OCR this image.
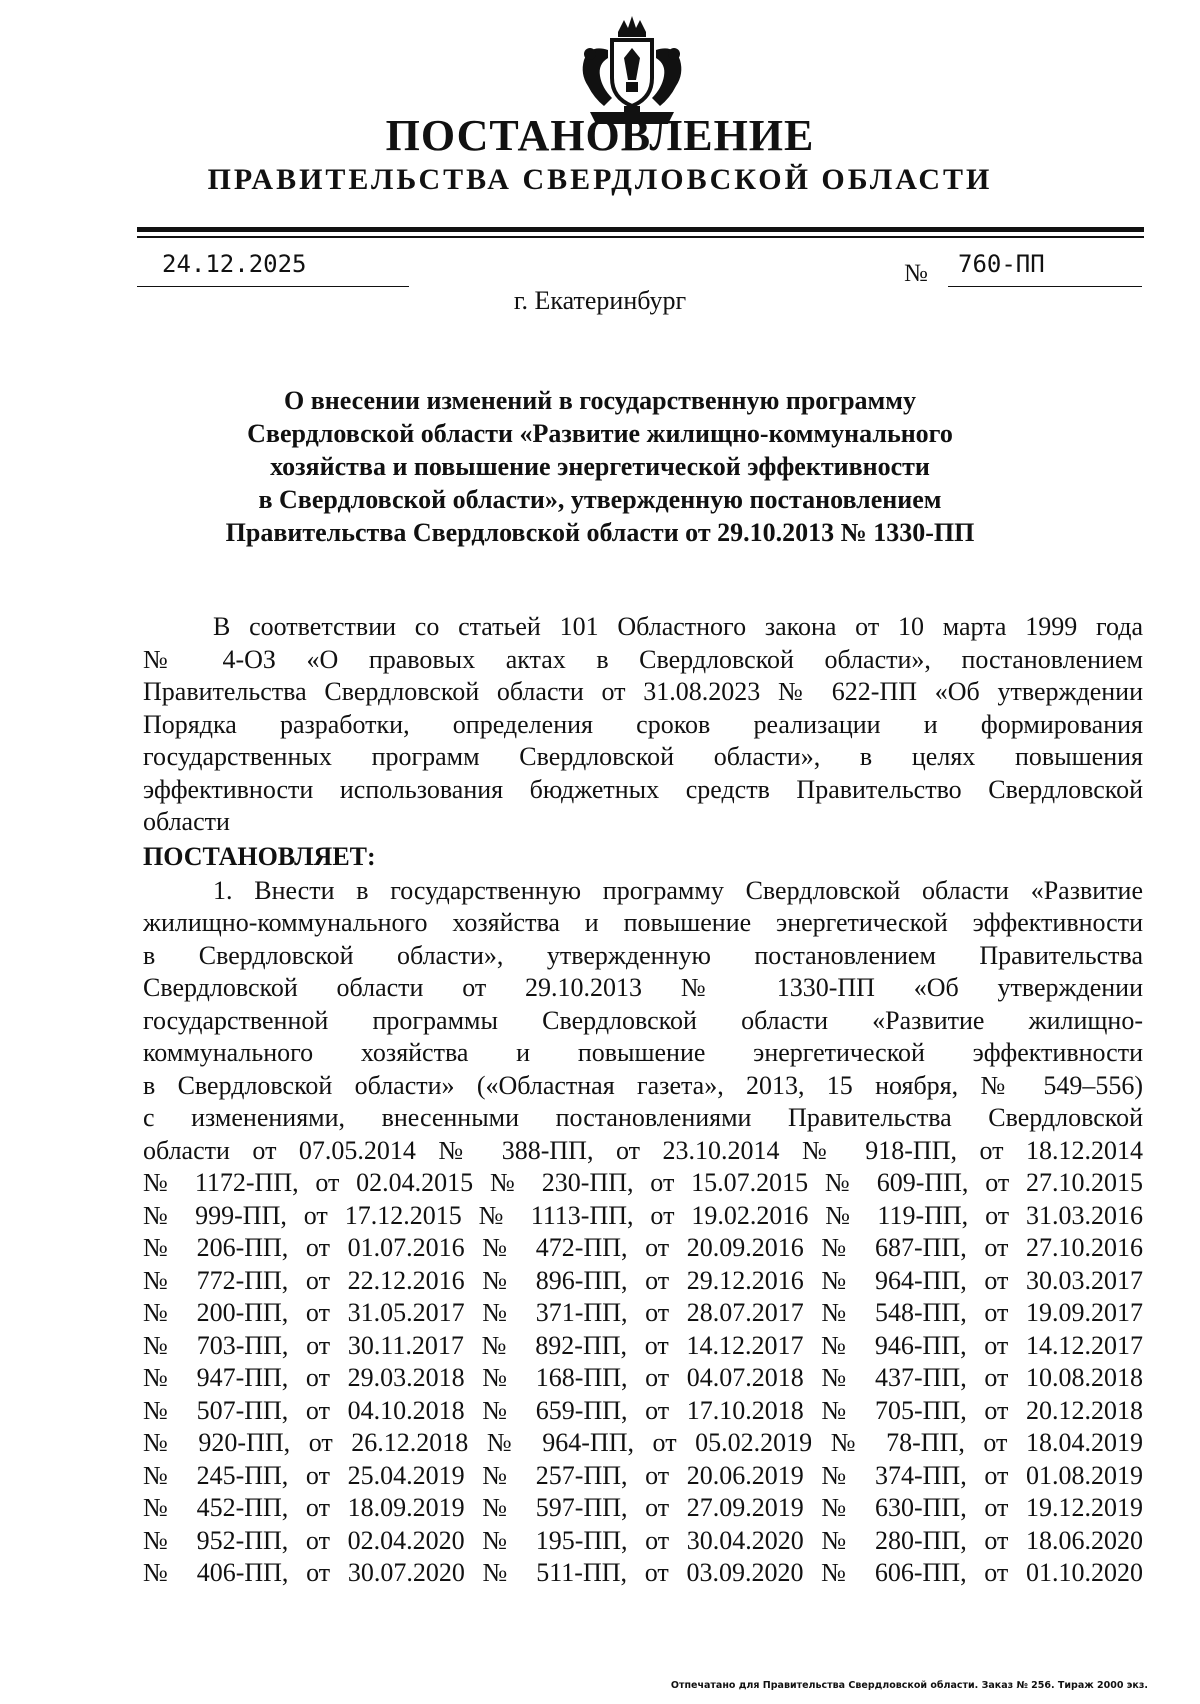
ПОСТАНОВЛЕНИЕ
ПРАВИТЕЛЬСТВА СВЕРДЛОВСКОЙ ОБЛАСТИ
24.12.2025	№ 760-ПП
г. Екатеринбург
О внесении изменений в государственную программу
Свердловской области «Развитие жилищно-коммунального
хозяйства и повышение энергетической эффективности
в Свердловской области», утвержденную постановлением
Правительства Свердловской области от 29.10.2013 № 1330-ПП
В соответствии со статьей 101 Областного закона от 10 марта 1999 года
№ 4-ОЗ «О правовых актах в Свердловской области», постановлением
Правительства Свердловской области от 31.08.2023 № 622-ПП «Об утверждении
Порядка разработки, определения сроков реализации и формирования
государственных программ Свердловской области», в целях повышения
эффективности использования бюджетных средств Правительство Свердловской
области
ПОСТАНОВЛЯЕТ:
1. Внести в государственную программу Свердловской области «Развитие
жилищно-коммунального хозяйства и повышение энергетической эффективности
в Свердловской области», утвержденную постановлением Правительства
Свердловской области от 29.10.2013 № 1330-ПП «Об утверждении
государственной программы Свердловской области «Развитие жилищно-
коммунального хозяйства и повышение энергетической эффективности
в Свердловской области» («Областная газета», 2013, 15 ноября, № 549–556)
с изменениями, внесенными постановлениями Правительства Свердловской
области от 07.05.2014 № 388-ПП, от 23.10.2014 № 918-ПП, от 18.12.2014
№ 1172-ПП, от 02.04.2015 № 230-ПП, от 15.07.2015 № 609-ПП, от 27.10.2015
№ 999-ПП, от 17.12.2015 № 1113-ПП, от 19.02.2016 № 119-ПП, от 31.03.2016
№ 206-ПП, от 01.07.2016 № 472-ПП, от 20.09.2016 № 687-ПП, от 27.10.2016
№ 772-ПП, от 22.12.2016 № 896-ПП, от 29.12.2016 № 964-ПП, от 30.03.2017
№ 200-ПП, от 31.05.2017 № 371-ПП, от 28.07.2017 № 548-ПП, от 19.09.2017
№ 703-ПП, от 30.11.2017 № 892-ПП, от 14.12.2017 № 946-ПП, от 14.12.2017
№ 947-ПП, от 29.03.2018 № 168-ПП, от 04.07.2018 № 437-ПП, от 10.08.2018
№ 507-ПП, от 04.10.2018 № 659-ПП, от 17.10.2018 № 705-ПП, от 20.12.2018
№ 920-ПП, от 26.12.2018 № 964-ПП, от 05.02.2019 № 78-ПП, от 18.04.2019
№ 245-ПП, от 25.04.2019 № 257-ПП, от 20.06.2019 № 374-ПП, от 01.08.2019
№ 452-ПП, от 18.09.2019 № 597-ПП, от 27.09.2019 № 630-ПП, от 19.12.2019
№ 952-ПП, от 02.04.2020 № 195-ПП, от 30.04.2020 № 280-ПП, от 18.06.2020
№ 406-ПП, от 30.07.2020 № 511-ПП, от 03.09.2020 № 606-ПП, от 01.10.2020
Отпечатано для Правительства Свердловской области. Заказ № 256. Тираж 2000 экз.
